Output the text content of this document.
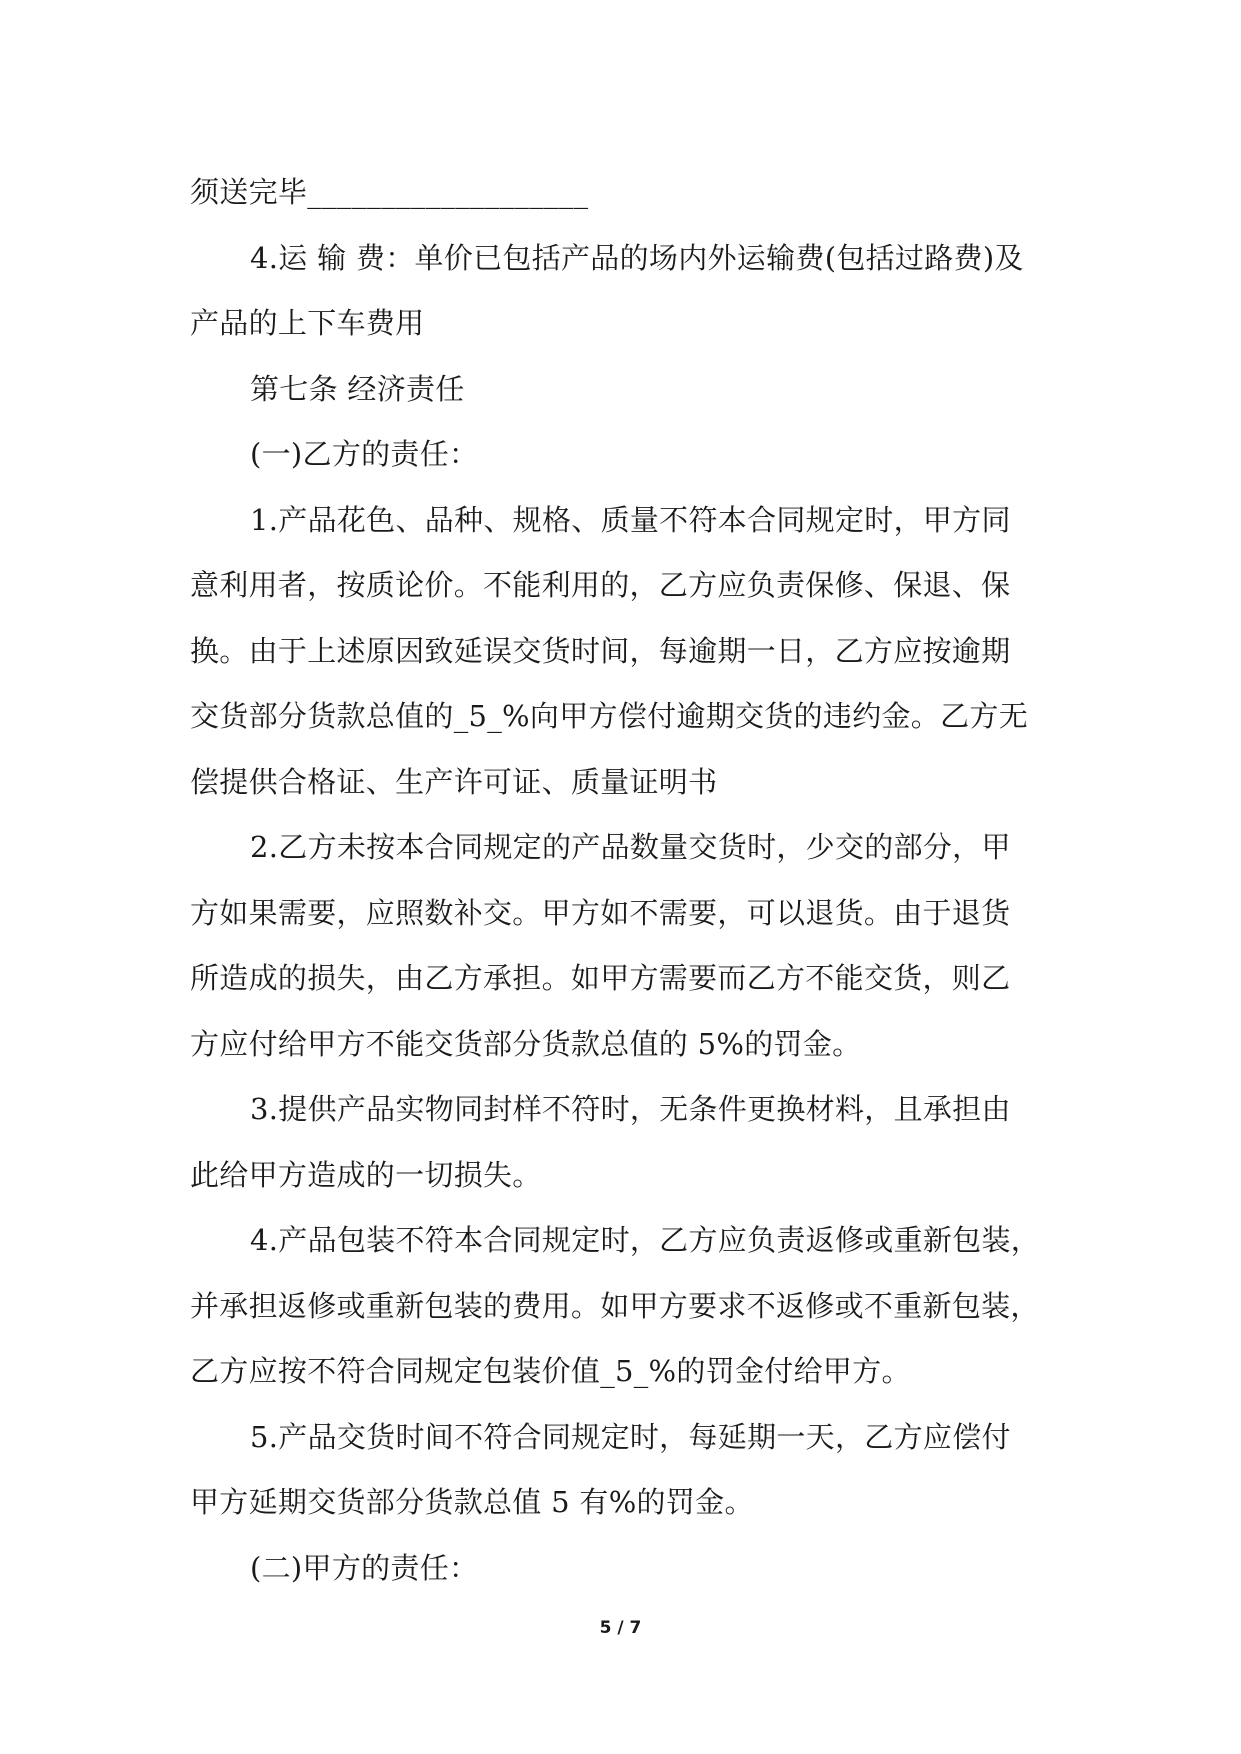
须送完毕___________________
4.运 输 费：单价已包括产品的场内外运输费(包括过路费)及
产品的上下车费用
第七条 经济责任
(一)乙方的责任：
1.产品花色、品种、规格、质量不符本合同规定时，甲方同
意利用者，按质论价。不能利用的，乙方应负责保修、保退、保
换。由于上述原因致延误交货时间，每逾期一日，乙方应按逾期
交货部分货款总值的_5_%向甲方偿付逾期交货的违约金。乙方无
偿提供合格证、生产许可证、质量证明书
2.乙方未按本合同规定的产品数量交货时，少交的部分，甲
方如果需要，应照数补交。甲方如不需要，可以退货。由于退货
所造成的损失，由乙方承担。如甲方需要而乙方不能交货，则乙
方应付给甲方不能交货部分货款总值的 5%的罚金。
3.提供产品实物同封样不符时，无条件更换材料，且承担由
此给甲方造成的一切损失。
4.产品包装不符本合同规定时，乙方应负责返修或重新包装，
并承担返修或重新包装的费用。如甲方要求不返修或不重新包装，
乙方应按不符合同规定包装价值_5_%的罚金付给甲方。
5.产品交货时间不符合同规定时，每延期一天，乙方应偿付
甲方延期交货部分货款总值 5 有%的罚金。
(二)甲方的责任：
5 / 7
